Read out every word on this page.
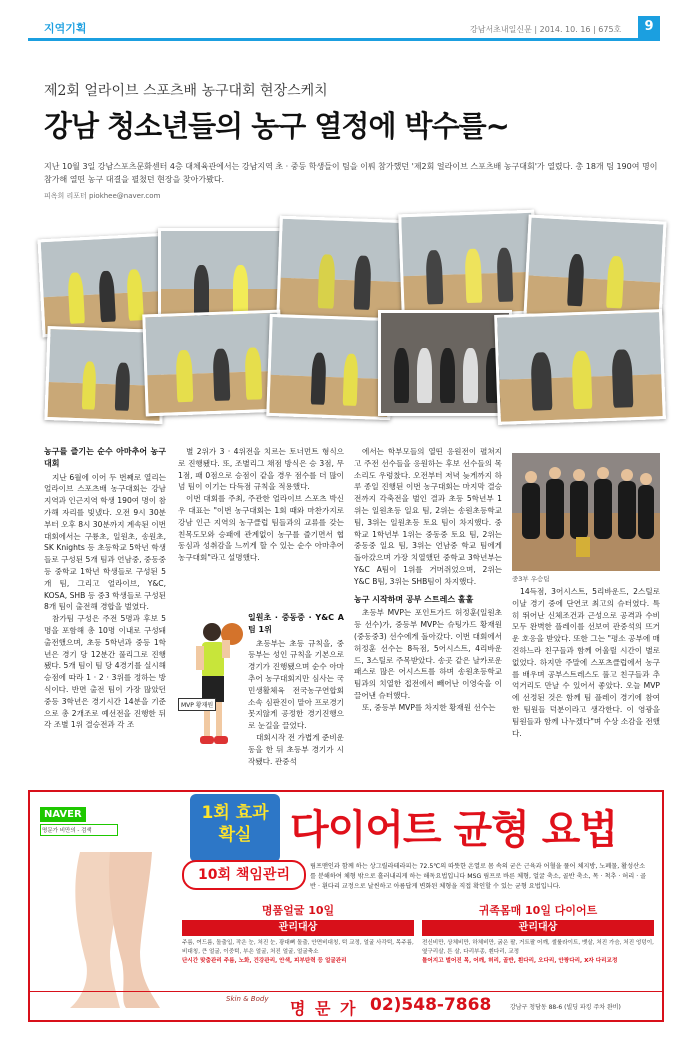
지역기획	강남서초내일신문 | 2014. 10. 16 | 675호	9
제2회 얼라이브 스포츠배 농구대회 현장스케치
강남 청소년들의 농구 열정에 박수를~
지난 10월 3일 강남스포츠문화센터 4층 대체육관에서는 강남지역 초 · 중등 학생들이 팀을 이뤄 참가했던 '제2회 얼라이브 스포츠배 농구대회'가 열렸다. 총 18개 팀 190여 명이 참가해 열띤 농구 대결을 펼쳤던 현장을 찾아가봤다.
피옥희 리포터 piokhee@naver.com
농구를 즐기는 순수 아마추어 농구대회

지난 6월에 이어 두 번째로 열리는 얼라이브 스포츠배 농구대회는 강남지역과 인근지역 학생 190여 명이 참가해 자리를 빛냈다. 오전 9시 30분부터 오후 8시 30분까지 계속된 이번 대회에서는 구룡초, 일원초, 송원초, SK Knights 등 초등학교 5학년 학생들로 구성된 5개 팀과 언남중, 중동중 등 중학교 1학년 학생들로 구성된 5개 팀, 그리고 얼라이브, Y&C, KOSA, SHB 등 중3 학생들로 구성된 8개 팀이 출전해 경합을 벌였다.

참가팀 구성은 주전 5명과 후보 5명을 포함해 총 10명 이내로 구성돼 출전했으며, 초등 5학년과 중등 1학년은 경기 당 12분간 풀리그로 진행됐다. 5개 팀이 팀 당 4경기를 실시해 승점에 따라 1 · 2 · 3위를 정하는 방식이다. 반면 출전 팀이 가장 많았던 중등 3학년은 경기시간 14분을 기준으로 총 2개조로 예선전을 진행한 뒤 각 조별 1위 결승전과 각 조

별 2위가 3 · 4위전을 치르는 토너먼트 형식으로 진행됐다. 또, 조별리그 채점 방식은 승 3점, 무 1점, 패 0점으로 승점이 같을 경우 점수를 더 많이 넘 팀이 이기는 다득점 규칙을 적용했다.

이번 대회를 주최, 주관한 얼라이브 스포츠 박신우 대표는 "이번 농구대회는 1회 때와 마찬가지로 강남 인근 지역의 농구클럽 팀들과의 교류를 갖는 친목도모와 승패에 관계없이 농구를 즐기면서 협동심과 성취감을 느끼게 할 수 있는 순수 아마추어 농구대회"라고 설명했다.

MVP 황재원
일원초 · 중동중 · Y&C A팀 1위

초등부는 초등 규칙을, 중등부는 성인 규칙을 기본으로 경기가 진행됐으며 순수 아마추어 농구대회지만 심사는 국민생활체육 전국농구연합회 소속 심판진이 맡아 프로경기 못지않게 공정한 경기진행으로 눈길을 끌었다.

대회시작 전 가볍게 준비운동을 한 뒤 초등부 경기가 시작됐다. 관중석

에서는 학부모들의 열띤 응원전이 펼쳐지고 주전 선수들을 응원하는 후보 선수들의 목소리도 우렁찼다. 오전부터 저녁 늦게까지 하루 종일 진행된 이번 농구대회는 마지막 결승전까지 각축전을 벌인 결과 초등 5학년부 1위는 일원초등 일요 팀, 2위는 송원초등학교 팀, 3위는 일원초등 토요 팀이 차지했다. 중학교 1학년부 1위는 중동중 토요 팀, 2위는 중동중 일요 팀, 3위는 언남중 학교 팀에게 돌아갔으며 가장 치열했던 중학교 3학년부는 Y&C A팀이 1위를 거머쥐었으며, 2위는 Y&C B팀, 3위는 SHB팀이 차지했다.

농구 시작하며 공부 스트레스 훌훌

초등부 MVP는 포인트가드 허정훈(일원초등 선수)가, 중등부 MVP는 슈팅가드 황재원(중동중3) 선수에게 돌아갔다. 이번 대회에서 허정훈 선수는 8득점, 5어시스트, 4리바운드, 3스틸로 주목받았다. 송곳 같은 날카로운 패스로 많은 어시스트를 하며 송원초등학교 팀과의 치열한 접전에서 빼어난 이영숙을 이끌어낸 슈터했다.

또, 중등부 MVP를 차지한 황재원 선수는

중3부 우승팀

14득점, 3어시스트, 5리바운드, 2스틸로 이날 경기 중에 단연코 최고의 슈터였다. 특히 뛰어난 신체조건과 근성으로 공격과 수비 모두 완벽한 플레이를 선보여 관중석의 뜨거운 호응을 받았다. 또한 그는 "평소 공부에 매진하느라 친구들과 함께 어울릴 시간이 별로 없었다. 하지만 주말에 스포츠클럽에서 농구를 배우며 공부스트레스도 풀고 친구들과 추억거리도 만날 수 있어서 좋았다. 오늘 MVP에 선정된 것은 함께 팀 플레이 경기에 참여한 팀원들 덕분이라고 생각한다. 이 영광을 팀원들과 함께 나누겠다"며 수상 소감을 전했다.

NAVER
명문가 비만의 - 검색
1회 효과
확실 다이어트 균형 요법
10회 책임관리
림프맨인과 함께 하는 상그릴라테라피는 72.5℃의 따뜻한 온열로 몸 속의 굳은 근육과 어혈을 풀어 체지방, 노폐물, 활성산소를 분해하여 체형 밖으로 흘러내리게 하는 해독요법입니다 MSG 림프로 바른 체형, 얼굴 축소, 골반 축소, 목 · 척추 · 허리 · 골반 · 휜다리 교정으로 날씬하고 아름답게 변화된 체형을 직접 확인할 수 있는 균형 요법입니다.
명품얼굴 10일
관리대상
주름, 여드름, 돌출입, 작은 눈, 처진 눈, 광대뼈 돌출, 안면비대칭, 턱 교정, 얼굴 사각턱, 목주름, 비대칭, 큰 얼굴, 이중턱, 부은 얼굴, 처진 얼굴, 얼굴축소
단시간 맞춤관리 주름, 노화, 건강관리, 안색, 피부탄력 등 얼굴관리
귀족몸매 10일 다이어트
관리대상
전신비만, 상체비만, 하체비만, 굵은 팔, 거트팔 어깨, 셀룰라이트, 뱃살, 처진 가슴, 처진 엉덩이, 옆구리살, 튼 살, 다리부종, 휜다리, 교정
틀어지고 벌어진 목, 어깨, 허리, 골반, 휜다리, 오다리, 안짱다리, X자 다리교정
Skin & Body 명 문 가 02)548-7868	강남구 청담동 88-6 (빌딩 파킹 주차 완비)
